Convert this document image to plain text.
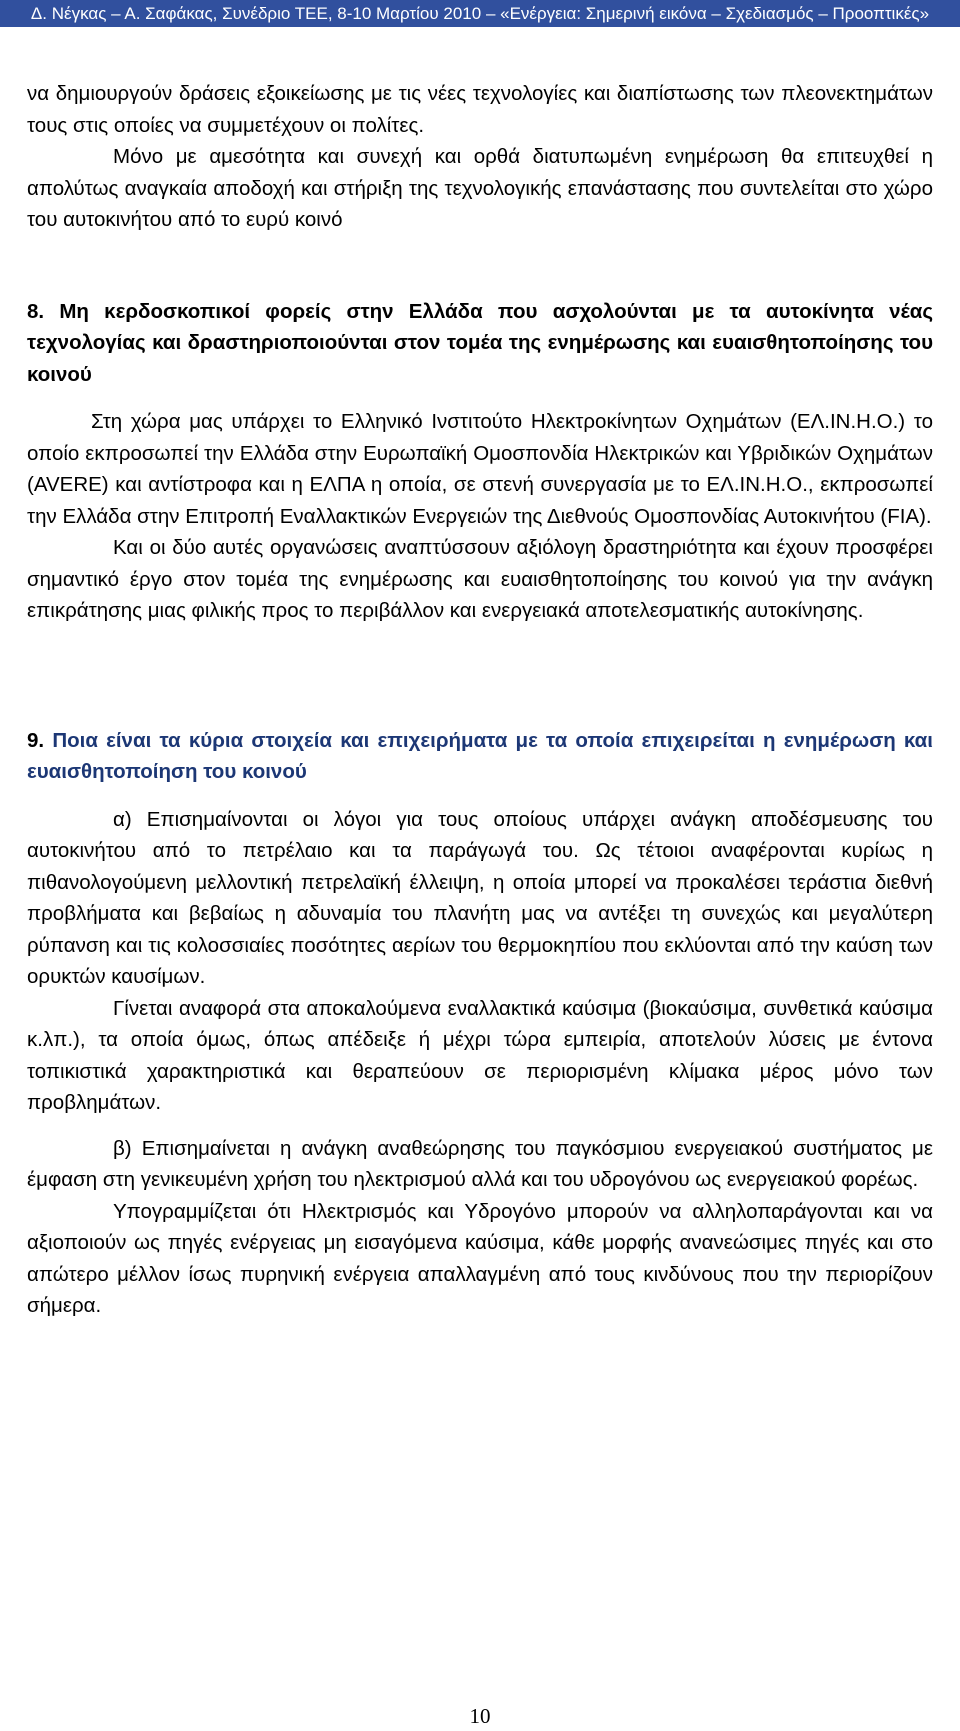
Δ. Νέγκας – Α. Σαφάκας, Συνέδριο ΤΕΕ, 8-10 Μαρτίου 2010 – «Ενέργεια: Σημερινή εικόνα – Σχεδιασμός – Προοπτικές»

να δημιουργούν δράσεις εξοικείωσης με τις νέες τεχνολογίες και διαπίστωσης των πλεονεκτημάτων τους στις οποίες να συμμετέχουν οι πολίτες.

Μόνο με αμεσότητα και συνεχή και ορθά διατυπωμένη ενημέρωση θα επιτευχθεί η απολύτως αναγκαία αποδοχή και στήριξη της τεχνολογικής επανάστασης που συντελείται στο χώρο του αυτοκινήτου από το ευρύ κοινό

8. Μη κερδοσκοπικοί φορείς στην Ελλάδα που ασχολούνται με τα αυτοκίνητα νέας τεχνολογίας και δραστηριοποιούνται στον τομέα της ενημέρωσης και ευαισθητοποίησης του κοινού

Στη χώρα μας υπάρχει το Ελληνικό Ινστιτούτο Ηλεκτροκίνητων Οχημάτων (ΕΛ.ΙΝ.Η.Ο.) το οποίο εκπροσωπεί την Ελλάδα στην Ευρωπαϊκή Ομοσπονδία Ηλεκτρικών και Υβριδικών Οχημάτων (AVERE) και αντίστροφα και η ΕΛΠΑ η οποία, σε στενή συνεργασία με το ΕΛ.ΙΝ.Η.Ο., εκπροσωπεί την Ελλάδα στην Επιτροπή Εναλλακτικών Ενεργειών της Διεθνούς Ομοσπονδίας Αυτοκινήτου (FIA).

Και οι δύο αυτές οργανώσεις αναπτύσσουν αξιόλογη δραστηριότητα και έχουν προσφέρει σημαντικό έργο στον τομέα της ενημέρωσης και ευαισθητοποίησης του κοινού για την ανάγκη επικράτησης μιας φιλικής προς το περιβάλλον και ενεργειακά αποτελεσματικής αυτοκίνησης.

9. Ποια είναι τα κύρια στοιχεία και επιχειρήματα με τα οποία επιχειρείται η ενημέρωση και ευαισθητοποίηση του κοινού

α) Επισημαίνονται οι λόγοι για τους οποίους υπάρχει ανάγκη αποδέσμευσης του αυτοκινήτου από το πετρέλαιο και τα παράγωγά του. Ως τέτοιοι αναφέρονται κυρίως η πιθανολογούμενη μελλοντική πετρελαϊκή έλλειψη, η οποία μπορεί να προκαλέσει τεράστια διεθνή προβλήματα και βεβαίως η αδυναμία του πλανήτη μας να αντέξει τη συνεχώς και μεγαλύτερη ρύπανση και τις κολοσσιαίες ποσότητες αερίων του θερμοκηπίου που εκλύονται από την καύση των ορυκτών καυσίμων.

Γίνεται αναφορά στα αποκαλούμενα εναλλακτικά καύσιμα (βιοκαύσιμα, συνθετικά καύσιμα κ.λπ.), τα οποία όμως, όπως απέδειξε ή μέχρι τώρα εμπειρία, αποτελούν λύσεις με έντονα τοπικιστικά χαρακτηριστικά και θεραπεύουν σε περιορισμένη κλίμακα μέρος μόνο των προβλημάτων.

β) Επισημαίνεται η ανάγκη αναθεώρησης του παγκόσμιου ενεργειακού συστήματος με έμφαση στη γενικευμένη χρήση του ηλεκτρισμού αλλά και του υδρογόνου ως ενεργειακού φορέως.

Υπογραμμίζεται ότι Ηλεκτρισμός και Υδρογόνο μπορούν να αλληλοπαράγονται και να αξιοποιούν ως πηγές ενέργειας μη εισαγόμενα καύσιμα, κάθε μορφής ανανεώσιμες πηγές και στο απώτερο μέλλον ίσως πυρηνική ενέργεια απαλλαγμένη από τους κινδύνους που την περιορίζουν σήμερα.

10
